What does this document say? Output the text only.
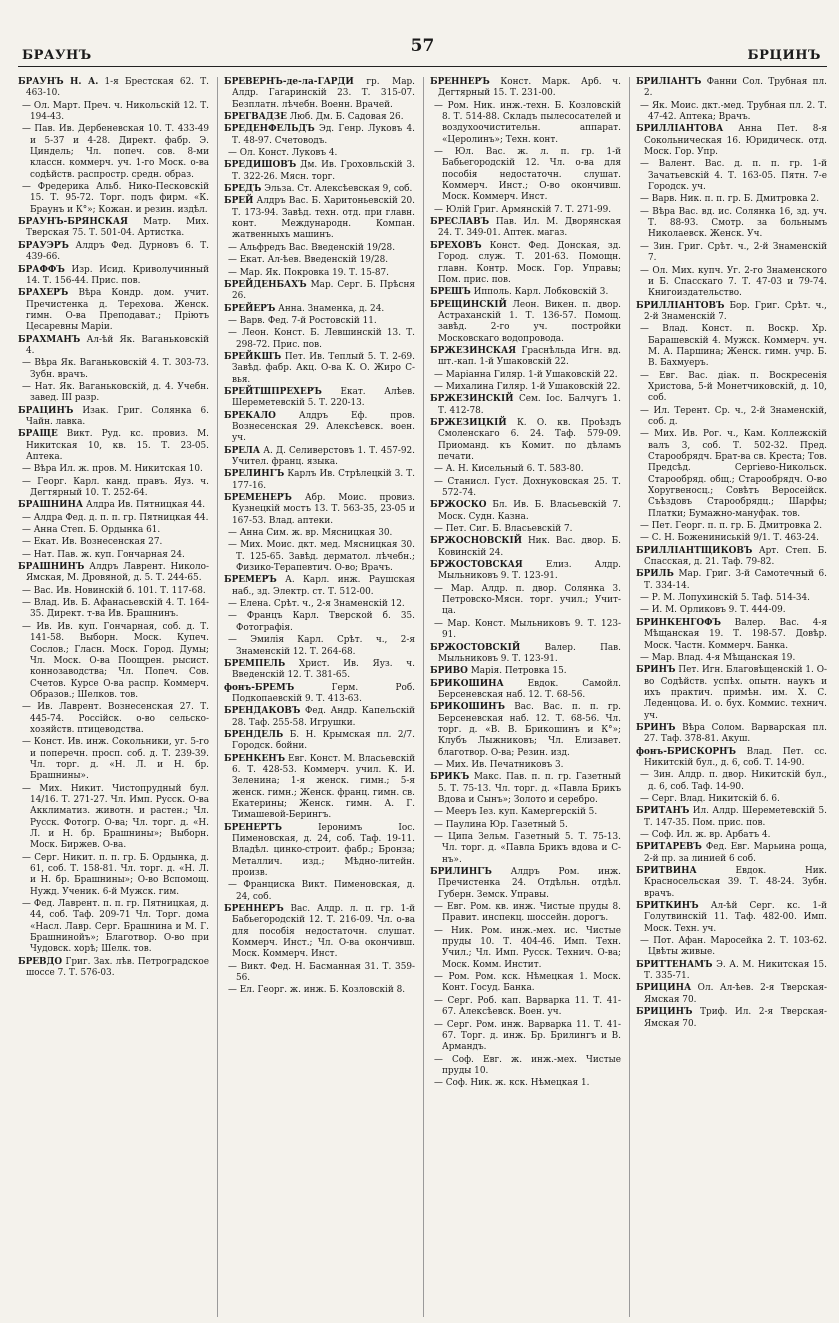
БРАУНЪ	57	БРЦИНЪ

БРАУНЪ Н. А. 1-я Брестская 62. Т. 463-10.

— Ол. Март. Преч. ч. Никольскій 12. Т. 194-43.

— Пав. Ив. Дербеневская 10. Т. 433-49 и 5-37 и 4-28. Директ. фабр. Э. Циндель; Чл. попеч. сов. 8-ми классн. коммерч. уч. 1-го Моск. о-ва содѣйств. распростр. средн. образ.

— Фредерика Альб. Нико-Песковскій 15. Т. 95-72. Торг. подъ фирм. «К. Браунъ и К°»; Кожан. и резин. издѣл.

БРАУНЪ-БРЯНСКАЯ Матр. Мих. Тверская 75. Т. 501-04. Артистка.

БРАУЭРЪ Алдръ Фед. Дурновъ 6. Т. 439-66.

БРАФФЪ Изр. Исид. Криволучинный 14. Т. 156-44. Прис. пов.

БРАХЕРЪ Вѣра Кондр. дом. учит. Пречистенка д. Терехова. Женск. гимн. О-ва Преподават.; Пріютъ Цесаревны Маріи.

БРАХМАНЪ Ал-ѣй Як. Ваганьковскій 4.

— Вѣра Як. Ваганьковскій 4. Т. 303-73. Зубн. врачъ.

— Нат. Як. Ваганьковскій, д. 4. Учебн. завед. III разр.

БРАЦИНЪ Изак. Григ. Солянка 6. Чайн. лавка.

БРАЩЕ Викт. Руд. кс. провиз. М. Никитская 10, кв. 15. Т. 23-05. Аптека.

— Вѣра Ил. ж. пров. М. Никитская 10.

— Георг. Карл. канд. правъ. Яуз. ч. Дегтярный 10. Т. 252-64.

БРАШНИНА Алдра Ив. Пятницкая 44.

— Алдра Фед. д. п. п. гр. Пятницкая 44.

— Анна Степ. Б. Ордынка 61.

— Екат. Ив. Вознесенская 27.

— Нат. Пав. ж. куп. Гончарная 24.

БРАШНИНЪ Алдръ Лаврент. Николо-Ямская, М. Дровяной, д. 5. Т. 244-65.

— Вас. Ив. Новинскій б. 101. Т. 117-68.

— Влад. Ив. Б. Афанасьевскій 4. Т. 164-35. Директ. т-ва Ив. Брашнинъ.

— Ив. Ив. куп. Гончарная, соб. д. Т. 141-58. Выборн. Моск. Купеч. Сослов.; Гласн. Моск. Город. Думы; Чл. Моск. О-ва Поощрен. рысист. коннозаводства; Чл. Попеч. Сов. Счетов. Курсе О-ва распр. Коммерч. Образов.; Шелков. тов.

— Ив. Лаврент. Вознесенская 27. Т. 445-74. Россійск. о-во сельско-хозяйств. птицеводства.

— Конст. Ив. инж. Сокольники, уг. 5-го и поперечн. просп. соб. д. Т. 239-39. Чл. торг. д. «Н. Л. и Н. бр. Брашнины».

— Мих. Никит. Чистопрудный бул. 14/16. Т. 271-27. Чл. Имп. Русск. О-ва Акклиматиз. животн. и растен.; Чл. Русск. Фотогр. О-ва; Чл. торг. д. «Н. Л. и Н. бр. Брашнины»; Выборн. Моск. Биржев. О-ва.

— Серг. Никит. п. п. гр. Б. Ордынка, д. 61, соб. Т. 158-81. Чл. торг. д. «Н. Л. и Н. бр. Брашнины»; О-во Вспомощ. Нужд. Ученик. 6-й Мужск. гим.

— Фед. Лаврент. п. п. гр. Пятницкая, д. 44, соб. Таф. 209-71 Чл. Торг. дома «Насл. Лавр. Серг. Брашнина и М. Г. Брашнинойъ»; Благотвор. О-во при Чудовск. хорѣ; Шелк. тов.

БРЕВДО Григ. Зах. лѣв. Петроградское шоссе 7. Т. 576-03.

БРЕВЕРНЪ-де-ла-ГАРДИ гр. Мар. Алдр. Гагаринскій 23. Т. 315-07. Безплатн. лѣчебн. Военн. Врачей.

БРЕГВАДЗЕ Люб. Дм. Б. Садовая 26.

БРЕДЕНФЕЛЬДЪ Эд. Генр. Луковъ 4. Т. 48-97. Счетоводъ.

— Ол. Конст. Луковъ 4.

БРЕДИШОВЪ Дм. Ив. Гроховльскій 3. Т. 322-26. Мясн. торг.

БРЕДЪ Эльза. Ст. Алексѣевская 9, соб.

БРЕЙ Алдръ Вас. Б. Харитоньевскій 20. Т. 173-94. Завѣд. техн. отд. при главн. конт. Международн. Компан. жатвенныхъ машинъ.

— Альфредъ Вас. Введенскій 19/28.

— Екат. Ал-ѣев. Введенскій 19/28.

— Мар. Як. Покровка 19. Т. 15-87.

БРЕЙДЕНБАХЪ Мар. Серг. Б. Прѣсня 26.

БРЕЙЕРЪ Анна. Знаменка, д. 24.

— Варв. Фед. 7-й Ростовскій 11.

— Леон. Конст. Б. Левшинскій 13. Т. 298-72. Прис. пов.

БРЕЙКШЪ Пет. Ив. Теплый 5. Т. 2-69. Завѣд. фабр. Акц. О-ва К. О. Жиро С-вья.

БРЕЙТШПРЕХЕРЪ Екат. Алѣев. Шереметевскій 5. Т. 220-13.

БРЕКАЛО	Алдръ Еф. пров. Вознесенская 29. Алексѣевск. воен. уч.

БРЕЛА А. Д. Селиверстовъ 1. Т. 457-92. Учител. франц. языка.

БРЕЛИНГЪ Карлъ Ив. Стрѣлецкій 3. Т. 177-16.

БРЕМЕНЕРЪ Абр. Моис. провиз. Кузнецкій мостъ 13. Т. 563-35, 23-05 и 167-53. Влад. аптеки.

— Анна Сим. ж. вр. Мясницкая 30.

— Мих. Моис. дкт. мед. Мясницкая 30. Т. 125-65. Завѣд. дерматол. лѣчебн.; Физико-Терапевтич. О-во; Врачъ.

БРЕМЕРЪ А. Карл. инж. Раушская наб., зд. Электр. ст. Т. 512-00.

— Елена. Срѣт. ч., 2-я Знаменскій 12.

— Францъ Карл. Тверской б. 35. Фотографія.

— Эмилія Карл. Срѣт. ч., 2-я Знаменскій 12. Т. 264-68.

БРЕМПЕЛЬ Христ. Ив. Яуз. ч. Введенскій 12. Т. 381-65.

фонъ-БРЕМЪ	Герм. Роб. Подкопаевскій 9. Т. 413-63.

БРЕНДАКОВЪ Фед. Андр. Капельскій 28. Таф. 255-58. Игрушки.

БРЕНДЕЛЬ Б. Н. Крымская пл. 2/7. Городск. бойни.

БРЕНКЕНЪ Евг. Конст. М. Власьевскій 6. Т. 428-53. Коммерч. учил. К. И. Зеленина; 1-я женск. гимн.; 5-я женск. гимн.; Женск. франц. гимн. св. Екатерины; Женск. гимн. А. Г. Тимашевой-Берингъ.

БРЕНЕРТЪ	Іеронимъ Іос. Пименовская, д. 24, соб. Таф. 19-11. Владѣл. цинко-строит. фабр.; Бронза; Металлич. изд.; Мѣдно-литейн. произв.

— Франциска Викт. Пименовская, д. 24, соб.

БРЕННЕРЪ Вас. Алдр. л. п. гр. 1-й Бабьегородскій 12. Т. 216-09. Чл. о-ва для пособія недостаточн. слушат. Коммерч. Инст.; Чл. О-ва окончивш. Моск. Коммерч. Инст.

— Викт. Фед. Н. Басманная 31. Т. 359-56.

— Ел. Георг. ж. инж. Б. Козловскій 8.

БРЕННЕРЪ Конст. Марк. Арб. ч. Дегтярный 15. Т. 231-00.

— Ром. Ник. инж.-техн. Б. Козловскій 8. Т. 514-88. Складъ пылесосателей и воздухоочистительн. аппарат. «Церолинъ»; Техн. конт.

— Юл. Вас. ж. л. п. гр. 1-й Бабьегородскій 12. Чл. о-ва для пособія недостаточн. слушат. Коммерч. Инст.; О-во окончивш. Моск. Коммерч. Инст.

— Юлій Григ. Армянскій 7. Т. 271-99.

БРЕСЛАВЪ Пав. Ил. М. Дворянская 24. Т. 349-01. Аптек. магаз.

БРЕХОВЪ Конст. Фед. Донская, зд. Город. служ. Т. 201-63. Помощн. главн. Контр. Моск. Гор. Управы; Пом. прис. пов.

БРЕШЪ Ипполь. Карл. Лобковскій 3.

БРЕЩИНСКІЙ Леон. Викен. п. двор. Астраханскій 1. Т. 136-57. Помощ. завѣд. 2-го уч. постройки Московскаго водопровода.

БРЖЕЗИНСКАЯ Граснѣльда Игн. вд. шт.-кап. 1-й Ушаковскій 22.

— Маріанна Гиляр. 1-й Ушаковскій 22.

— Михалина Гиляр. 1-й Ушаковскій 22.

БРЖЕЗИНСКІЙ Сем. Іос. Балчугъ 1. Т. 412-78.

БРЖЕЗИЦКІЙ К. О. кв. Проѣздъ Смоленскаго 6. 24. Таф. 579-09. Приоманд. къ Комит. по дѣламъ печати.

— А. Н. Кисельный 6. Т. 583-80.

— Станисл. Густ. Дохнуковская 25. Т. 572-74.

БРЖОСКО Бл. Ив. Б. Власьевскій 7. Моск. Судн. Казна.

— Пет. Сиг. Б. Власьевскій 7.

БРЖОСНОВСКІЙ Ник. Вас. двор. Б. Ковинскій 24.

БРЖОСТОВСКАЯ	Елиз. Алдр. Мыльниковъ 9. Т. 123-91.

— Мар. Алдр. п. двор. Солянка 3. Петровско-Мясн. торг. учил.; Учит-ца.

— Мар. Конст. Мыльниковъ 9. Т. 123-91.

БРЖОСТОВСКІЙ	Валер. Пав. Мыльниковъ 9. Т. 123-91.

БРИВО Марія. Петровка 15.

БРИКОШИНА	Евдок. Самойл. Берсеневская наб. 12. Т. 68-56.

БРИКОШИНЪ Вас. Вас. п. п. гр. Берсеневская наб. 12. Т. 68-56. Чл. торг. д. «В. В. Брикошинъ и К°»; Клубъ Лыжниковъ; Чл. Елизавет. благотвор. О-ва; Резин. изд.

— Мих. Ив. Печатниковъ 3.

БРИКЪ Макс. Пав. п. п. гр. Газетный 5. Т. 75-13. Чл. торг. д. «Павла Брикъ Вдова и Сынъ»; Золото и серебро.

— Мееръ Іез. куп. Камергерскій 5.

— Паулина Юр. Газетный 5.

— Ципа Зельм. Газетный 5. Т. 75-13. Чл. торг. д. «Павла Брикъ вдова и С-нъ».

БРИЛИНГЪ Алдръ Ром. инж. Пречистенка 24. Отдѣльн. отдѣл. Губерн. Земск. Управы.

— Евг. Ром. кв. инж. Чистые пруды 8. Правит. инспекц. шоссейн. дорогъ.

— Ник. Ром. инж.-мех. ис. Чистые пруды 10. Т. 404-46. Имп. Техн. Учил.; Чл. Имп. Русск. Технич. О-ва; Моск. Комм. Инстит.

— Ром. Ром. кск. Нѣмецкая 1. Моск. Конт. Госуд. Банка.

— Серг. Роб. кап. Варварка 11. Т. 41-67. Алексѣевск. Воен. уч.

— Серг. Ром. инж. Варварка 11. Т. 41-67. Торг. д. инж. Бр. Брилингъ и В. Армандъ.

— Соф. Евг. ж. инж.-мех. Чистые пруды 10.

— Соф. Ник. ж. кск. Нѣмецкая 1.

БРИЛІАНТЪ Фанни Сол. Трубная пл. 2.

— Як. Моис. дкт.-мед. Трубная пл. 2. Т. 47-42. Аптека; Врачъ.

БРИЛЛІАНТОВА Анна Пет. 8-я Сокольническая 16. Юридическ. отд. Моск. Гор. Упр.

— Валент. Вас. д. п. п. гр. 1-й Зачатьевскій 4. Т. 163-05. Пятн. 7-е Городск. уч.

— Варв. Ник. п. п. гр. Б. Дмитровка 2.

— Вѣра Вас. вд. ис. Солянка 16, зд. уч. Т. 88-93. Смотр. за больнымъ Николаевск. Женск. Уч.

— Зин. Григ. Срѣт. ч., 2-й Знаменскій 7.

— Ол. Мих. купч. Уг. 2-го Знаменского и Б. Спасскаго 7. Т. 47-03 и 79-74. Книгоиздательство.

БРИЛЛІАНТОВЪ Бор. Григ. Срѣт. ч., 2-й Знаменскій 7.

— Влад. Конст. п. Воскр. Хр. Барашевскій 4. Мужск. Коммерч. уч. М. А. Паршина; Женск. гимн. учр. Б. В. Бахмуеръ.

— Евг. Вас. діак. п. Воскресенія Христова, 5-й Монетчиковскій, д. 10, соб.

— Ил. Терент. Ср. ч., 2-й Знаменскій, соб. д.

— Мих. Ив. Рог. ч., Кам. Коллежскій валъ 3, соб. Т. 502-32. Пред. Старообрядч. Брат-ва св. Креста; Тов. Предсѣд. Сергіево-Никольск. Старообряд. общ.; Старообрядч. О-во Хоругвеносц.; Совѣтъ Веросеійск. Съѣздовъ Старообрядц.; Шарфы; Платки; Бумажно-мануфак. тов.

— Пет. Георг. п. п. гр. Б. Дмитровка 2.

— С. Н. Божениниській 9/1. Т. 463-24.

БРИЛЛІАНТЩИКОВЪ Арт. Степ. Б. Спасская, д. 21. Таф. 79-82.

БРИЛЬ Мар. Григ. 3-й Самотечный 6. Т. 334-14.

— Р. М. Лопухинскій 5. Таф. 514-34.

— И. М. Орликовъ 9. Т. 444-09.

БРИНКЕНГОФЪ Валер. Вас. 4-я Мѣщанская 19. Т. 198-57. Довѣр. Моск. Частн. Коммерч. Банка.

— Мар. Влад. 4-я Мѣщанская 19.

БРИНЪ Пет. Игн. Благовѣщенскій 1. О-во Содѣйств. успѣх. опытн. наукъ и ихъ практич. примѣн. им. Х. С. Леденцова. И. о. бух. Коммис. технич. уч.

БРИНЪ Вѣра Солом. Варварская пл. 27. Таф. 378-81. Акуш.

фонъ-БРИСКОРНЪ Влад. Пет. сс. Никитскій бул., д. 6, соб. Т. 14-90.

— Зин. Алдр. п. двор. Никитскій бул., д. 6, соб. Таф. 14-90.

— Серг. Влад. Никитскій б. 6.

БРИТАНЪ Ил. Алдр. Шереметевскій 5. Т. 147-35. Пом. прис. пов.

— Соф. Ил. ж. вр. Арбатъ 4.

БРИТАРЕВЪ Фед. Евг. Марьина роща, 2-й пр. за линией 6 соб.

БРИТВИНА	Евдок. Ник. Красносельская 39. Т. 48-24. Зубн. врачъ.

БРИТКИНЪ Ал-ѣй Серг. кс. 1-й Голутвинскій 11. Таф. 482-00. Имп. Моск. Техн. уч.

— Пот. Афан. Маросейка 2. Т. 103-62. Цвѣты живые.

БРИТТЕНАМЪ Э. А. М. Никитская 15. Т. 335-71.

БРИЦИНА Ол. Ал-ѣев. 2-я Тверская-Ямская 70.

БРИЦИНЪ Триф. Ил. 2-я Тверская-Ямская 70.
